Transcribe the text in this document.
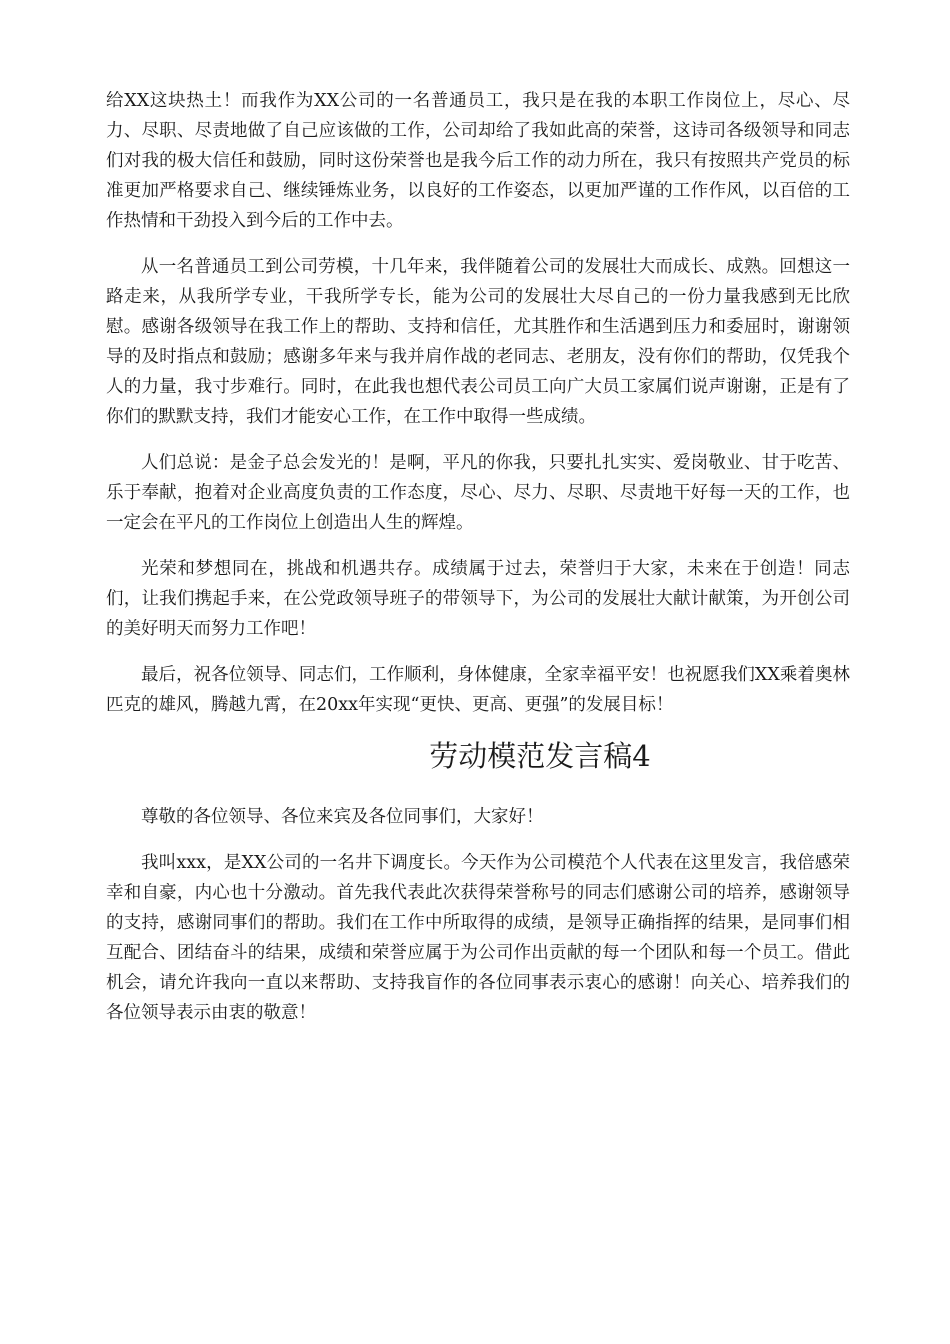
给XX这块热土！而我作为XX公司的一名普通员工，我只是在我的本职工作岗位上，尽心、尽力、尽职、尽责地做了自己应该做的工作，公司却给了我如此高的荣誉，这诗司各级领导和同志们对我的极大信任和鼓励，同时这份荣誉也是我今后工作的动力所在，我只有按照共产党员的标准更加严格要求自己、继续锤炼业务，以良好的工作姿态，以更加严谨的工作作风，以百倍的工作热情和干劲投入到今后的工作中去。

从一名普通员工到公司劳模，十几年来，我伴随着公司的发展壮大而成长、成熟。回想这一路走来，从我所学专业，干我所学专长，能为公司的发展壮大尽自己的一份力量我感到无比欣慰。感谢各级领导在我工作上的帮助、支持和信任，尤其胜作和生活遇到压力和委屈时，谢谢领导的及时指点和鼓励；感谢多年来与我并肩作战的老同志、老朋友，没有你们的帮助，仅凭我个人的力量，我寸步难行。同时，在此我也想代表公司员工向广大员工家属们说声谢谢，正是有了你们的默默支持，我们才能安心工作，在工作中取得一些成绩。

人们总说：是金子总会发光的！是啊，平凡的你我，只要扎扎实实、爱岗敬业、甘于吃苦、乐于奉献，抱着对企业高度负责的工作态度，尽心、尽力、尽职、尽责地干好每一天的工作，也一定会在平凡的工作岗位上创造出人生的辉煌。

光荣和梦想同在，挑战和机遇共存。成绩属于过去，荣誉归于大家，未来在于创造！同志们，让我们携起手来，在公党政领导班子的带领导下，为公司的发展壮大献计献策，为开创公司的美好明天而努力工作吧！

最后，祝各位领导、同志们，工作顺利，身体健康，全家幸福平安！也祝愿我们XX乘着奥林匹克的雄风，腾越九霄，在20xx年实现“更快、更高、更强”的发展目标！

劳动模范发言稿4

尊敬的各位领导、各位来宾及各位同事们，大家好！

我叫xxx，是XX公司的一名井下调度长。今天作为公司模范个人代表在这里发言，我倍感荣幸和自豪，内心也十分激动。首先我代表此次获得荣誉称号的同志们感谢公司的培养，感谢领导的支持，感谢同事们的帮助。我们在工作中所取得的成绩，是领导正确指挥的结果，是同事们相互配合、团结奋斗的结果，成绩和荣誉应属于为公司作出贡献的每一个团队和每一个员工。借此机会，请允许我向一直以来帮助、支持我盲作的各位同事表示衷心的感谢！向关心、培养我们的各位领导表示由衷的敬意！
